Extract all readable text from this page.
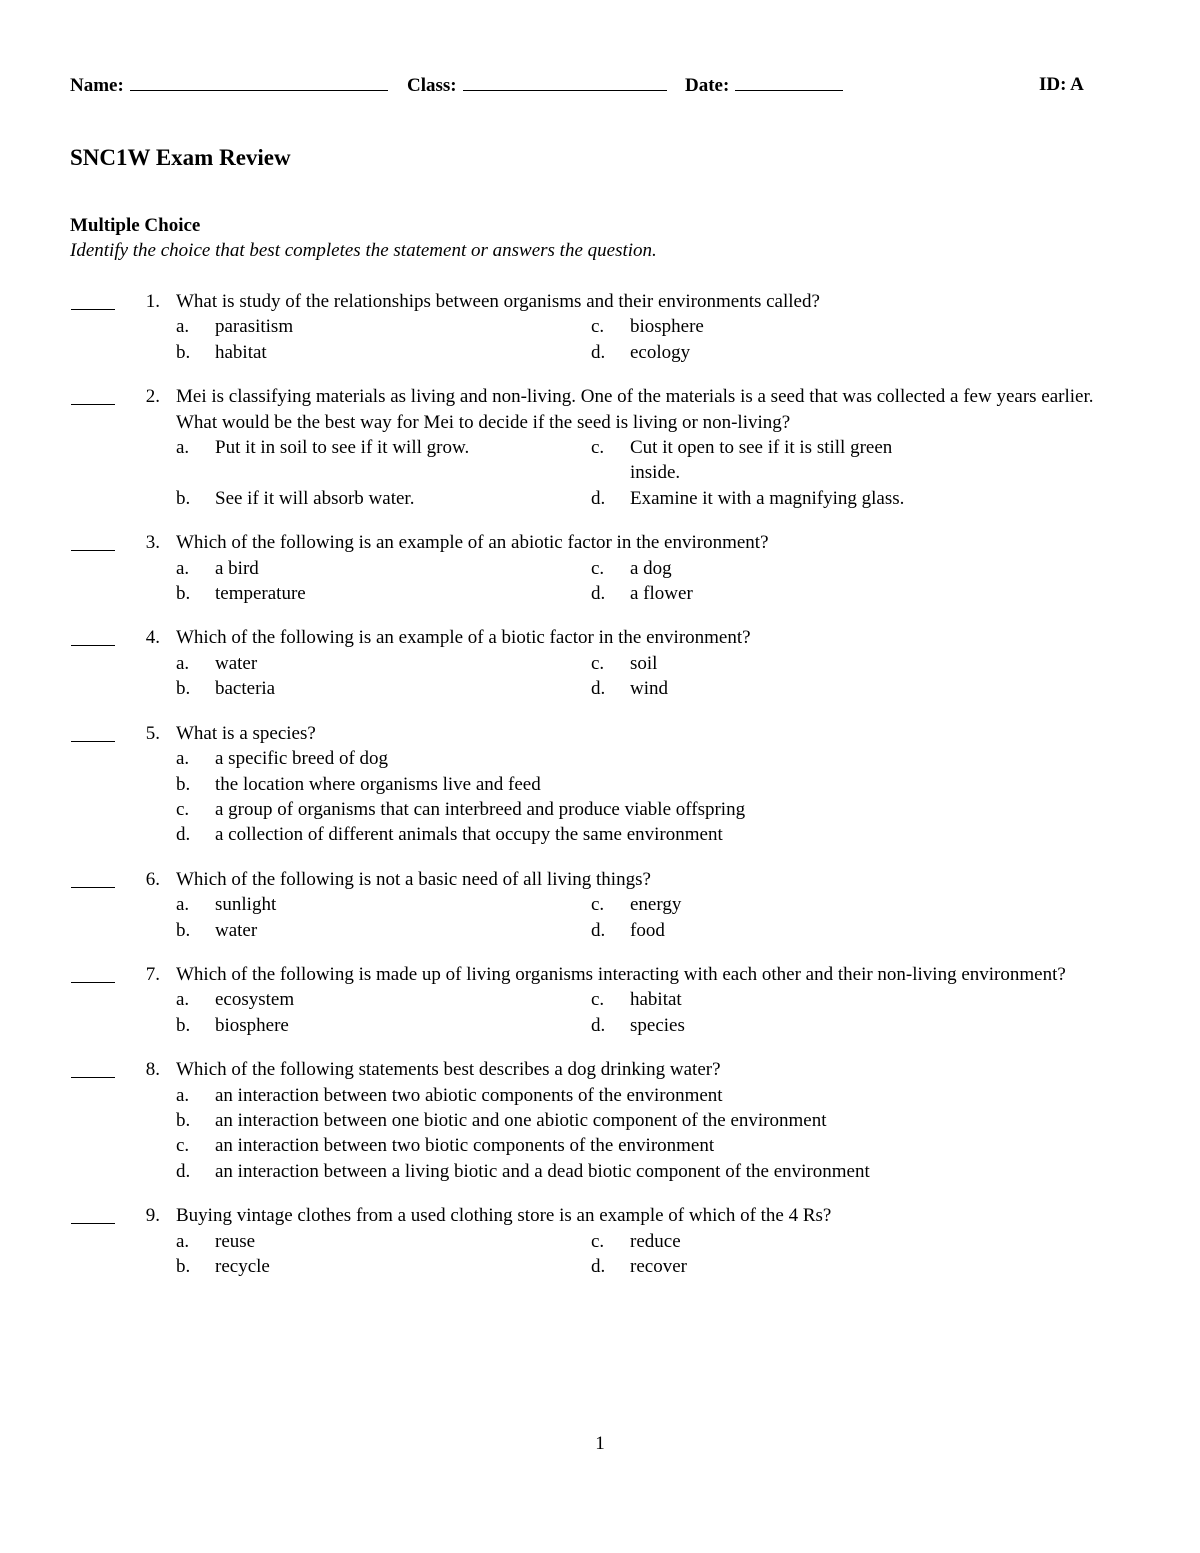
Name:	Class:	Date:	ID: A
SNC1W Exam Review
Multiple Choice
Identify the choice that best completes the statement or answers the question.
1. What is study of the relationships between organisms and their environments called?
a. parasitism	c. biosphere
b. habitat	d. ecology
2. Mei is classifying materials as living and non-living. One of the materials is a seed that was collected a few years earlier. What would be the best way for Mei to decide if the seed is living or non-living?
a. Put it in soil to see if it will grow.	c. Cut it open to see if it is still green inside.
b. See if it will absorb water.	d. Examine it with a magnifying glass.
3. Which of the following is an example of an abiotic factor in the environment?
a. a bird	c. a dog
b. temperature	d. a flower
4. Which of the following is an example of a biotic factor in the environment?
a. water	c. soil
b. bacteria	d. wind
5. What is a species?
a. a specific breed of dog
b. the location where organisms live and feed
c. a group of organisms that can interbreed and produce viable offspring
d. a collection of different animals that occupy the same environment
6. Which of the following is not a basic need of all living things?
a. sunlight	c. energy
b. water	d. food
7. Which of the following is made up of living organisms interacting with each other and their non-living environment?
a. ecosystem	c. habitat
b. biosphere	d. species
8. Which of the following statements best describes a dog drinking water?
a. an interaction between two abiotic components of the environment
b. an interaction between one biotic and one abiotic component of the environment
c. an interaction between two biotic components of the environment
d. an interaction between a living biotic and a dead biotic component of the environment
9. Buying vintage clothes from a used clothing store is an example of which of the 4 Rs?
a. reuse	c. reduce
b. recycle	d. recover
1
